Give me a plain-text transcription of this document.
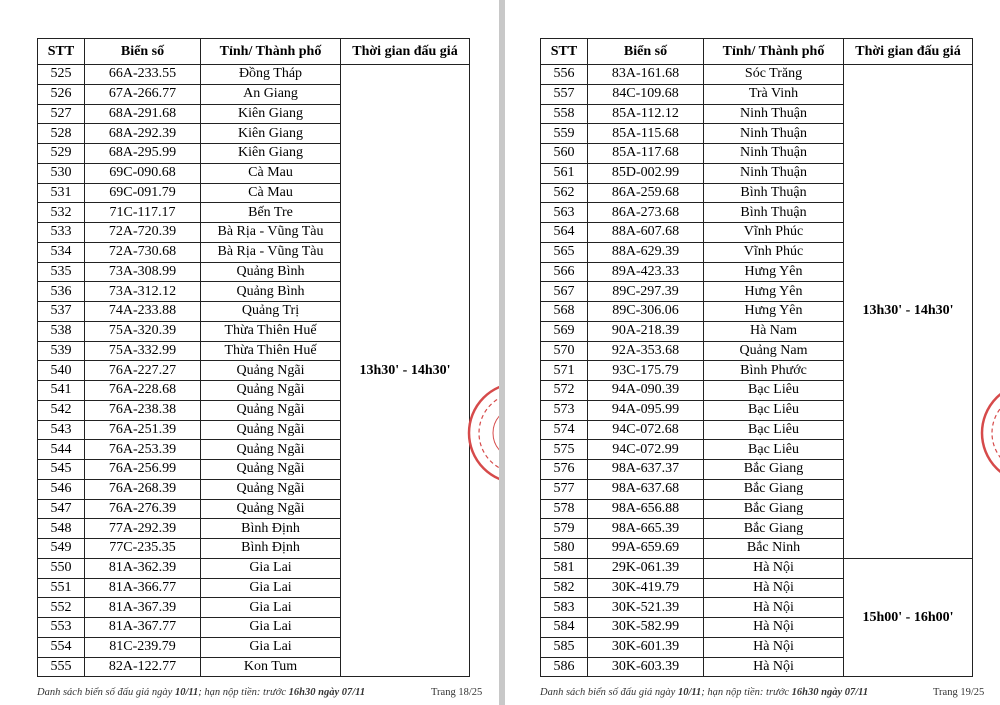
STT	Biển số	Tỉnh/ Thành phố	Thời gian đấu giá
525	66A-233.55	Đồng Tháp	13h30' - 14h30'
526	67A-266.77	An Giang	
527	68A-291.68	Kiên Giang	
528	68A-292.39	Kiên Giang	
529	68A-295.99	Kiên Giang	
530	69C-090.68	Cà Mau	
531	69C-091.79	Cà Mau	
532	71C-117.17	Bến Tre	
533	72A-720.39	Bà Rịa - Vũng Tàu	
534	72A-730.68	Bà Rịa - Vũng Tàu	
535	73A-308.99	Quảng Bình	
536	73A-312.12	Quảng Bình	
537	74A-233.88	Quảng Trị	
538	75A-320.39	Thừa Thiên Huế	
539	75A-332.99	Thừa Thiên Huế	
540	76A-227.27	Quảng Ngãi	
541	76A-228.68	Quảng Ngãi	
542	76A-238.38	Quảng Ngãi	
543	76A-251.39	Quảng Ngãi	
544	76A-253.39	Quảng Ngãi	
545	76A-256.99	Quảng Ngãi	
546	76A-268.39	Quảng Ngãi	
547	76A-276.39	Quảng Ngãi	
548	77A-292.39	Bình Định	
549	77C-235.35	Bình Định	
550	81A-362.39	Gia Lai	
551	81A-366.77	Gia Lai	
552	81A-367.39	Gia Lai	
553	81A-367.77	Gia Lai	
554	81C-239.79	Gia Lai	
555	82A-122.77	Kon Tum	
Danh sách biển số đấu giá ngày 10/11; hạn nộp tiền: trước 16h30 ngày 07/11	Trang 18/25
STT	Biển số	Tỉnh/ Thành phố	Thời gian đấu giá
556	83A-161.68	Sóc Trăng	13h30' - 14h30'
557	84C-109.68	Trà Vinh	
558	85A-112.12	Ninh Thuận	
559	85A-115.68	Ninh Thuận	
560	85A-117.68	Ninh Thuận	
561	85D-002.99	Ninh Thuận	
562	86A-259.68	Bình Thuận	
563	86A-273.68	Bình Thuận	
564	88A-607.68	Vĩnh Phúc	
565	88A-629.39	Vĩnh Phúc	
566	89A-423.33	Hưng Yên	
567	89C-297.39	Hưng Yên	
568	89C-306.06	Hưng Yên	
569	90A-218.39	Hà Nam	
570	92A-353.68	Quảng Nam	
571	93C-175.79	Bình Phước	
572	94A-090.39	Bạc Liêu	
573	94A-095.99	Bạc Liêu	
574	94C-072.68	Bạc Liêu	
575	94C-072.99	Bạc Liêu	
576	98A-637.37	Bắc Giang	
577	98A-637.68	Bắc Giang	
578	98A-656.88	Bắc Giang	
579	98A-665.39	Bắc Giang	
580	99A-659.69	Bắc Ninh	
581	29K-061.39	Hà Nội	15h00' - 16h00'
582	30K-419.79	Hà Nội	
583	30K-521.39	Hà Nội	
584	30K-582.99	Hà Nội	
585	30K-601.39	Hà Nội	
586	30K-603.39	Hà Nội	
Danh sách biển số đấu giá ngày 10/11; hạn nộp tiền: trước 16h30 ngày 07/11	Trang 19/25
